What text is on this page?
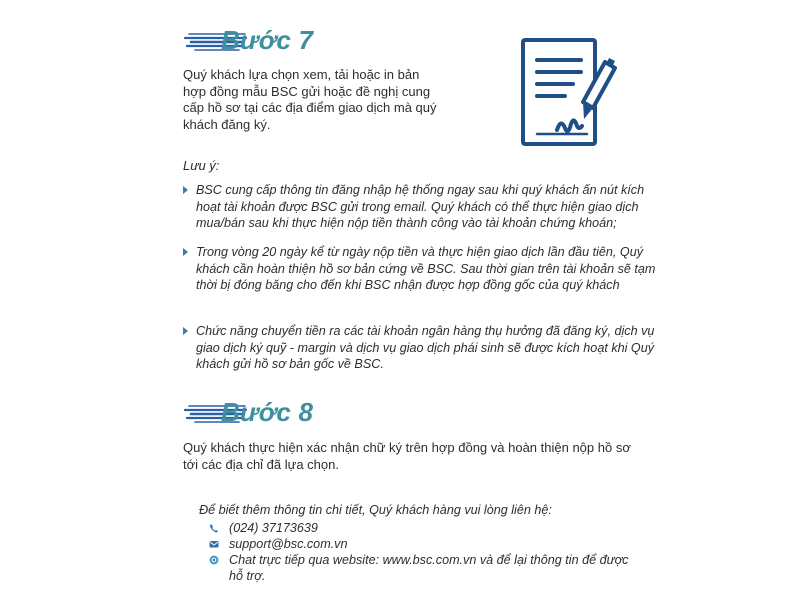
Bước 7

Quý khách lựa chọn xem, tải hoặc in bản hợp đồng mẫu BSC gửi hoặc đề nghị cung cấp hồ sơ tại các địa điểm giao dịch mà quý khách đăng ký.

Lưu ý:
BSC cung cấp thông tin đăng nhập hệ thống ngay sau khi quý khách ấn nút kích hoạt tài khoản được BSC gửi trong email. Quý khách có thể thực hiện giao dịch mua/bán sau khi thực hiện nộp tiền thành công vào tài khoản chứng khoán;
Trong vòng 20 ngày kể từ ngày nộp tiền và thực hiện giao dịch lần đầu tiên, Quý khách cần hoàn thiện hồ sơ bản cứng về BSC. Sau thời gian trên tài khoản sẽ tạm thời bị đóng băng cho đến khi BSC nhận được hợp đồng gốc của quý khách
Chức năng chuyển tiền ra các tài khoản ngân hàng thụ hưởng đã đăng ký, dịch vụ giao dịch ký quỹ - margin và dịch vụ giao dịch phái sinh sẽ được kích hoạt khi Quý khách gửi hồ sơ bản gốc về BSC.
Bước 8

Quý khách thực hiện xác nhận chữ ký trên hợp đồng và hoàn thiện nộp hồ sơ tới các địa chỉ đã lựa chọn.

Để biết thêm thông tin chi tiết, Quý khách hàng vui lòng liên hệ:
(024) 37173639
support@bsc.com.vn
Chat trực tiếp qua website: www.bsc.com.vn và để lại thông tin để được hỗ trợ.
